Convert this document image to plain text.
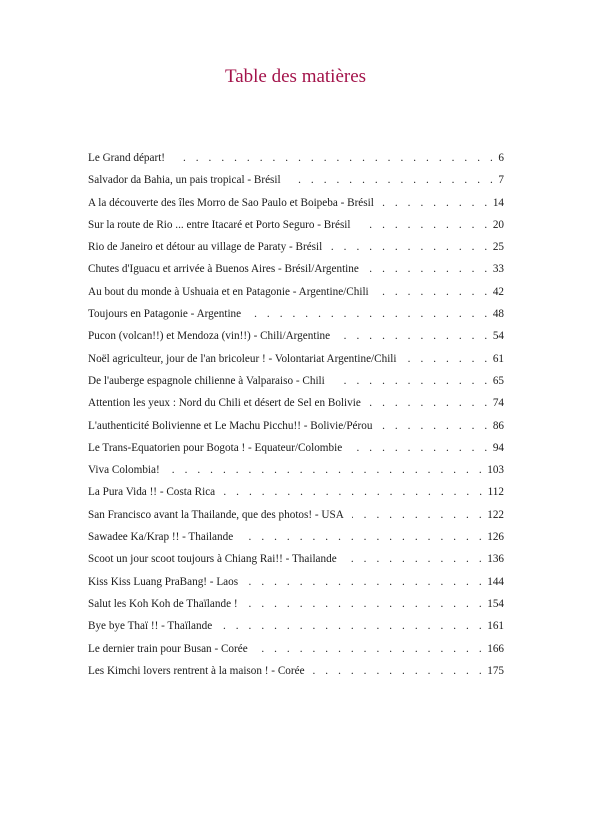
Table des matières
Le Grand départ! . . .	6
Salvador da Bahia, un pais tropical - Brésil . . .	7
A la découverte des îles Morro de Sao Paulo et Boipeba - Brésil . . .	14
Sur la route de Rio ... entre Itacaré et Porto Seguro - Brésil . . .	20
Rio de Janeiro et détour au village de Paraty - Brésil . . .	25
Chutes d'Iguacu et arrivée à Buenos Aires - Brésil/Argentine . . .	33
Au bout du monde à Ushuaia et en Patagonie - Argentine/Chili . . .	42
Toujours en Patagonie - Argentine . . .	48
Pucon (volcan!!) et Mendoza (vin!!) - Chili/Argentine . . .	54
Noël agriculteur, jour de l'an bricoleur ! - Volontariat Argentine/Chili . . .	61
De l'auberge espagnole chilienne à Valparaiso - Chili . . .	65
Attention les yeux : Nord du Chili et désert de Sel en Bolivie . . .	74
L'authenticité Bolivienne et Le Machu Picchu!! - Bolivie/Pérou . . .	86
Le Trans-Equatorien pour Bogota ! - Equateur/Colombie . . .	94
Viva Colombia! . . .	103
La Pura Vida !! - Costa Rica . . .	112
San Francisco avant la Thailande, que des photos! - USA . . .	122
Sawadee Ka/Krap !! - Thailande . . .	126
Scoot un jour scoot toujours à Chiang Rai!! - Thailande . . .	136
Kiss Kiss Luang PraBang! - Laos . . .	144
Salut les Koh Koh de Thaïlande ! . . .	154
Bye bye Thaï !! - Thaïlande . . .	161
Le dernier train pour Busan - Corée . . .	166
Les Kimchi lovers rentrent à la maison ! - Corée . . .	175
